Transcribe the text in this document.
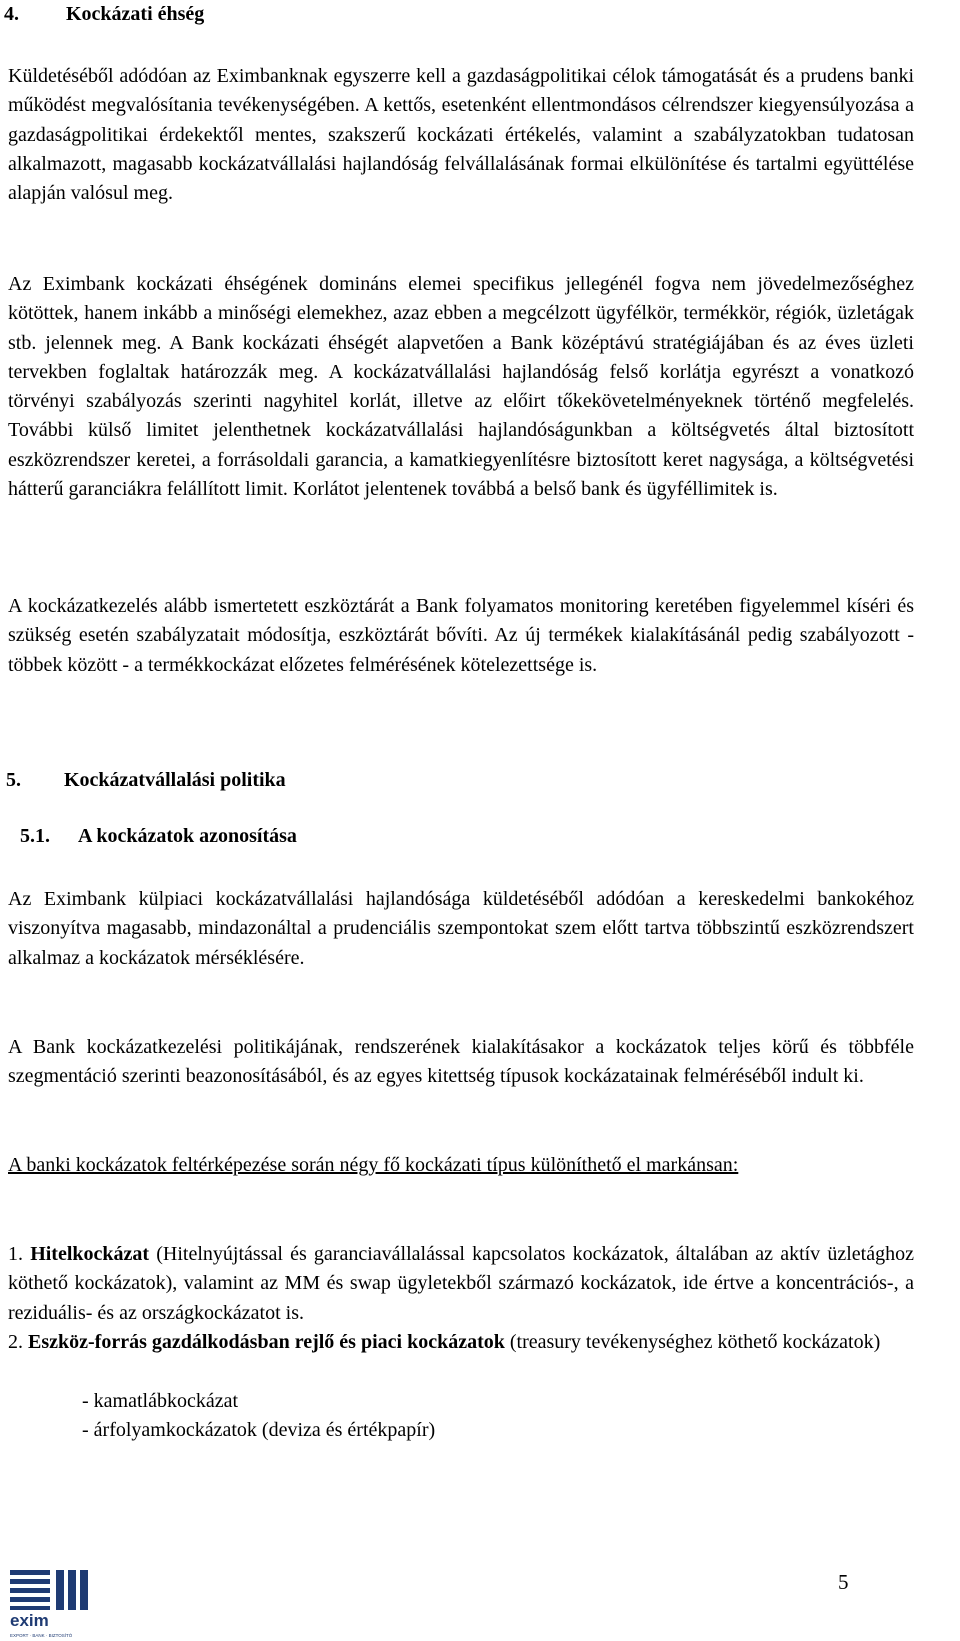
4. Kockázati éhség

Küldetéséből adódóan az Eximbanknak egyszerre kell a gazdaságpolitikai célok támogatását és a prudens banki működést megvalósítania tevékenységében. A kettős, esetenként ellentmondásos célrendszer kiegyensúlyozása a gazdaságpolitikai érdekektől mentes, szakszerű kockázati értékelés, valamint a szabályzatokban tudatosan alkalmazott, magasabb kockázatvállalási hajlandóság felvállalásának formai elkülönítése és tartalmi együttélése alapján valósul meg.

Az Eximbank kockázati éhségének domináns elemei specifikus jellegénél fogva nem jövedelmezőséghez kötöttek, hanem inkább a minőségi elemekhez, azaz ebben a megcélzott ügyfélkör, termékkör, régiók, üzletágak stb. jelennek meg. A Bank kockázati éhségét alapvetően a Bank középtávú stratégiájában és az éves üzleti tervekben foglaltak határozzák meg. A kockázatvállalási hajlandóság felső korlátja egyrészt a vonatkozó törvényi szabályozás szerinti nagyhitel korlát, illetve az előirt tőkekövetelményeknek történő megfelelés. További külső limitet jelenthetnek kockázatvállalási hajlandóságunkban a költségvetés által biztosított eszközrendszer keretei, a forrásoldali garancia, a kamatkiegyenlítésre biztosított keret nagysága, a költségvetési hátterű garanciákra felállított limit. Korlátot jelentenek továbbá a belső bank és ügyféllimitek is.

A kockázatkezelés alább ismertetett eszköztárát a Bank folyamatos monitoring keretében figyelemmel kíséri és szükség esetén szabályzatait módosítja, eszköztárát bővíti. Az új termékek kialakításánál pedig szabályozott - többek között - a termékkockázat előzetes felmérésének kötelezettsége is.

5. Kockázatvállalási politika
5.1. A kockázatok azonosítása

Az Eximbank külpiaci kockázatvállalási hajlandósága küldetéséből adódóan a kereskedelmi bankokéhoz viszonyítva magasabb, mindazonáltal a prudenciális szempontokat szem előtt tartva többszintű eszközrendszert alkalmaz a kockázatok mérséklésére.

A Bank kockázatkezelési politikájának, rendszerének kialakításakor a kockázatok teljes körű és többféle szegmentáció szerinti beazonosításából, és az egyes kitettség típusok kockázatainak felméréséből indult ki.

A banki kockázatok feltérképezése során négy fő kockázati típus különíthető el markánsan:

1. Hitelkockázat (Hitelnyújtással és garanciavállalással kapcsolatos kockázatok, általában az aktív üzletághoz köthető kockázatok), valamint az MM és swap ügyletekből származó kockázatok, ide értve a koncentrációs-, a reziduális- és az országkockázatot is.

2. Eszköz-forrás gazdálkodásban rejlő és piaci kockázatok (treasury tevékenységhez köthető kockázatok)

- kamatlábkockázat
- árfolyamkockázatok (deviza és értékpapír)
exim
EXPORT · BANK · BIZTOSÍTÓ
5
